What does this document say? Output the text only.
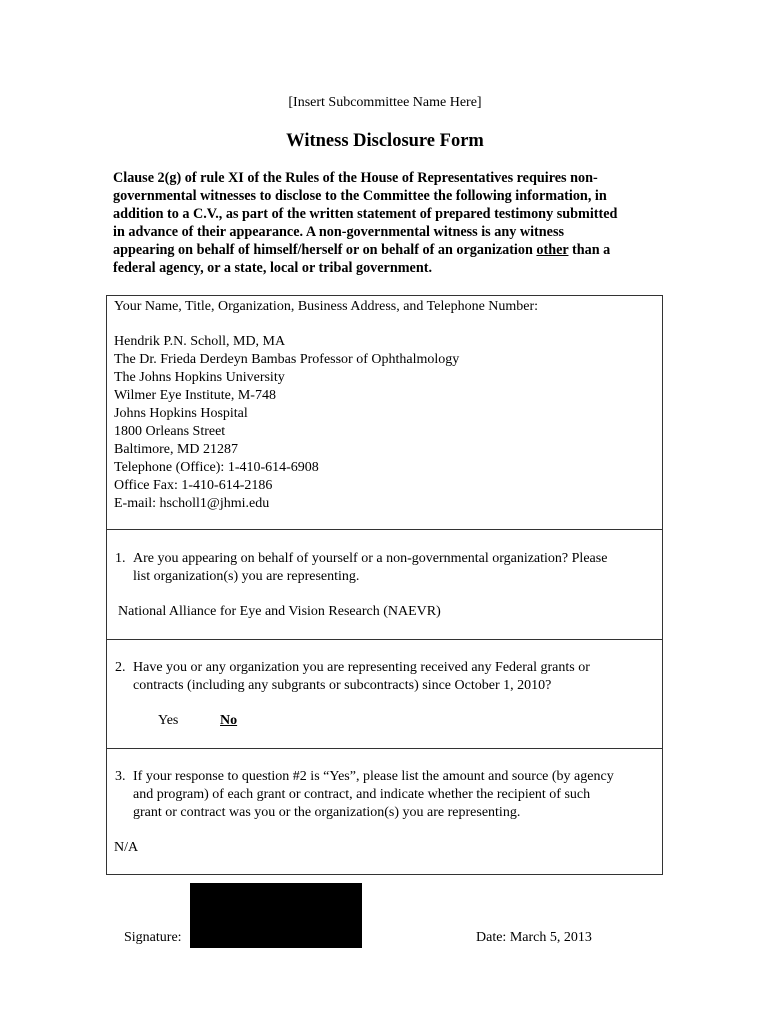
[Insert Subcommittee Name Here]
Witness Disclosure Form
Clause 2(g) of rule XI of the Rules of the House of Representatives requires non-
governmental witnesses to disclose to the Committee the following information, in
addition to a C.V., as part of the written statement of prepared testimony submitted
in advance of their appearance. A non-governmental witness is any witness
appearing on behalf of himself/herself or on behalf of an organization other than a
federal agency, or a state, local or tribal government.
Your Name, Title, Organization, Business Address, and Telephone Number:
Hendrik P.N. Scholl, MD, MA
The Dr. Frieda Derdeyn Bambas Professor of Ophthalmology
The Johns Hopkins University
Wilmer Eye Institute, M-748
Johns Hopkins Hospital
1800 Orleans Street
Baltimore, MD 21287
Telephone (Office): 1-410-614-6908
Office Fax: 1-410-614-2186
E-mail: hscholl1@jhmi.edu
1. Are you appearing on behalf of yourself or a non-governmental organization? Please
list organization(s) you are representing.
National Alliance for Eye and Vision Research (NAEVR)
2. Have you or any organization you are representing received any Federal grants or
contracts (including any subgrants or subcontracts) since October 1, 2010?
Yes	No
3. If your response to question #2 is “Yes”, please list the amount and source (by agency
and program) of each grant or contract, and indicate whether the recipient of such
grant or contract was you or the organization(s) you are representing.
N/A
Signature:	Date: March 5, 2013
